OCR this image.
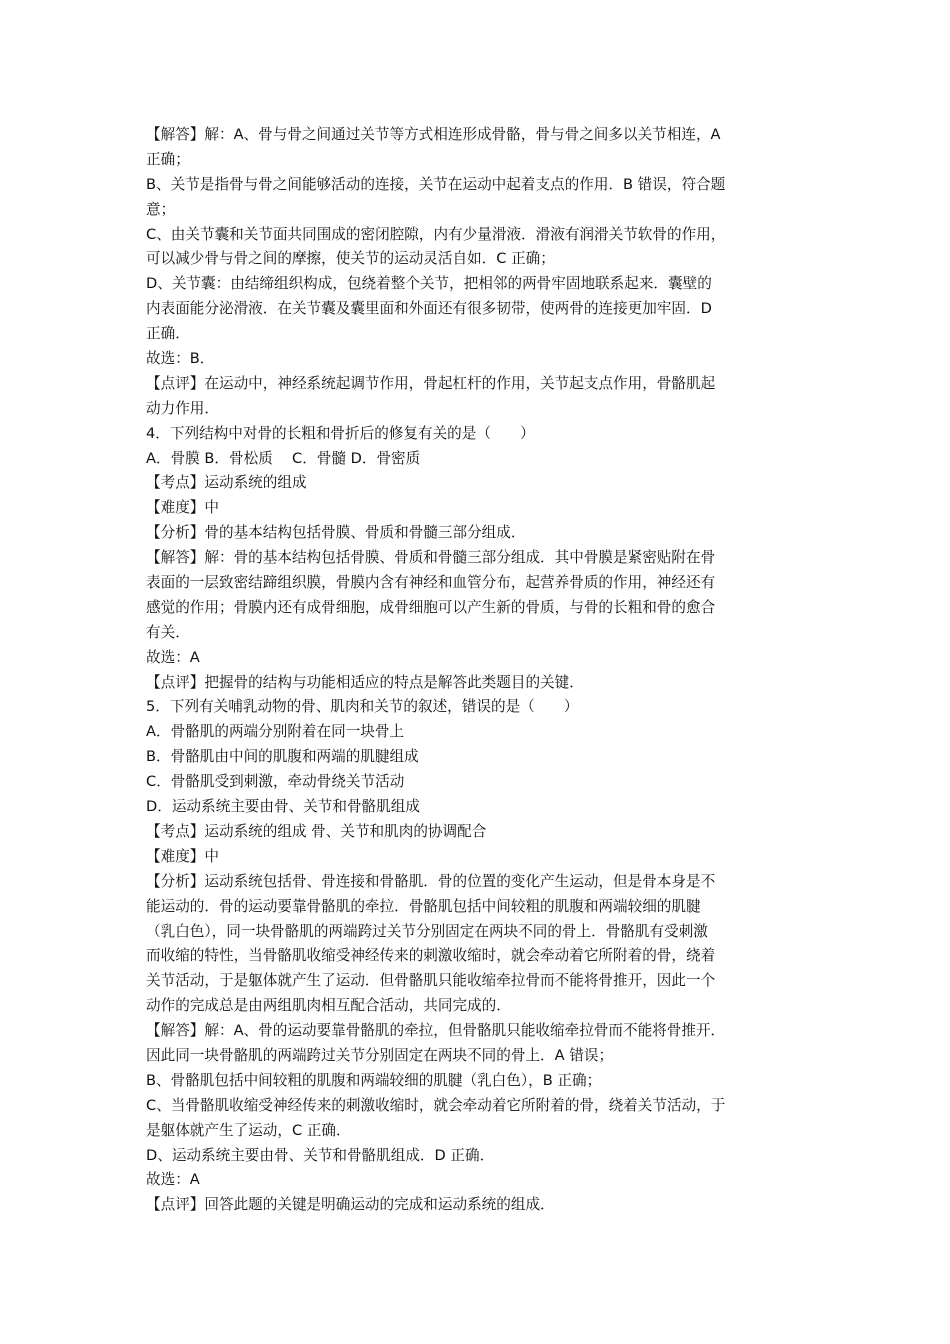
【解答】解：A、骨与骨之间通过关节等方式相连形成骨骼，骨与骨之间多以关节相连，A
正确；
B、关节是指骨与骨之间能够活动的连接，关节在运动中起着支点的作用．B 错误，符合题
意；
C、由关节囊和关节面共同围成的密闭腔隙，内有少量滑液．滑液有润滑关节软骨的作用，
可以减少骨与骨之间的摩擦，使关节的运动灵活自如．C 正确；
D、关节囊：由结缔组织构成，包绕着整个关节，把相邻的两骨牢固地联系起来．囊壁的
内表面能分泌滑液．在关节囊及囊里面和外面还有很多韧带，使两骨的连接更加牢固．D
正确．
故选：B．
【点评】在运动中，神经系统起调节作用，骨起杠杆的作用，关节起支点作用，骨骼肌起
动力作用．
4．下列结构中对骨的长粗和骨折后的修复有关的是（　　）
A．骨膜 B．骨松质　 C．骨髓 D．骨密质
【考点】运动系统的组成
【难度】中
【分析】骨的基本结构包括骨膜、骨质和骨髓三部分组成．
【解答】解：骨的基本结构包括骨膜、骨质和骨髓三部分组成．其中骨膜是紧密贴附在骨
表面的一层致密结蹄组织膜，骨膜内含有神经和血管分布，起营养骨质的作用，神经还有
感觉的作用；骨膜内还有成骨细胞，成骨细胞可以产生新的骨质，与骨的长粗和骨的愈合
有关．
故选：A
【点评】把握骨的结构与功能相适应的特点是解答此类题目的关键．
5．下列有关哺乳动物的骨、肌肉和关节的叙述，错误的是（　　）
A．骨骼肌的两端分别附着在同一块骨上
B．骨骼肌由中间的肌腹和两端的肌腱组成
C．骨骼肌受到刺激，牵动骨绕关节活动
D．运动系统主要由骨、关节和骨骼肌组成
【考点】运动系统的组成 骨、关节和肌肉的协调配合
【难度】中
【分析】运动系统包括骨、骨连接和骨骼肌．骨的位置的变化产生运动，但是骨本身是不
能运动的．骨的运动要靠骨骼肌的牵拉．骨骼肌包括中间较粗的肌腹和两端较细的肌腱
（乳白色），同一块骨骼肌的两端跨过关节分别固定在两块不同的骨上．骨骼肌有受刺激
而收缩的特性，当骨骼肌收缩受神经传来的刺激收缩时，就会牵动着它所附着的骨，绕着
关节活动，于是躯体就产生了运动．但骨骼肌只能收缩牵拉骨而不能将骨推开，因此一个
动作的完成总是由两组肌肉相互配合活动，共同完成的．
【解答】解：A、骨的运动要靠骨骼肌的牵拉，但骨骼肌只能收缩牵拉骨而不能将骨推开．
因此同一块骨骼肌的两端跨过关节分别固定在两块不同的骨上．A 错误；
B、骨骼肌包括中间较粗的肌腹和两端较细的肌腱（乳白色），B 正确；
C、当骨骼肌收缩受神经传来的刺激收缩时，就会牵动着它所附着的骨，绕着关节活动，于
是躯体就产生了运动，C 正确．
D、运动系统主要由骨、关节和骨骼肌组成．D 正确．
故选：A
【点评】回答此题的关键是明确运动的完成和运动系统的组成．
